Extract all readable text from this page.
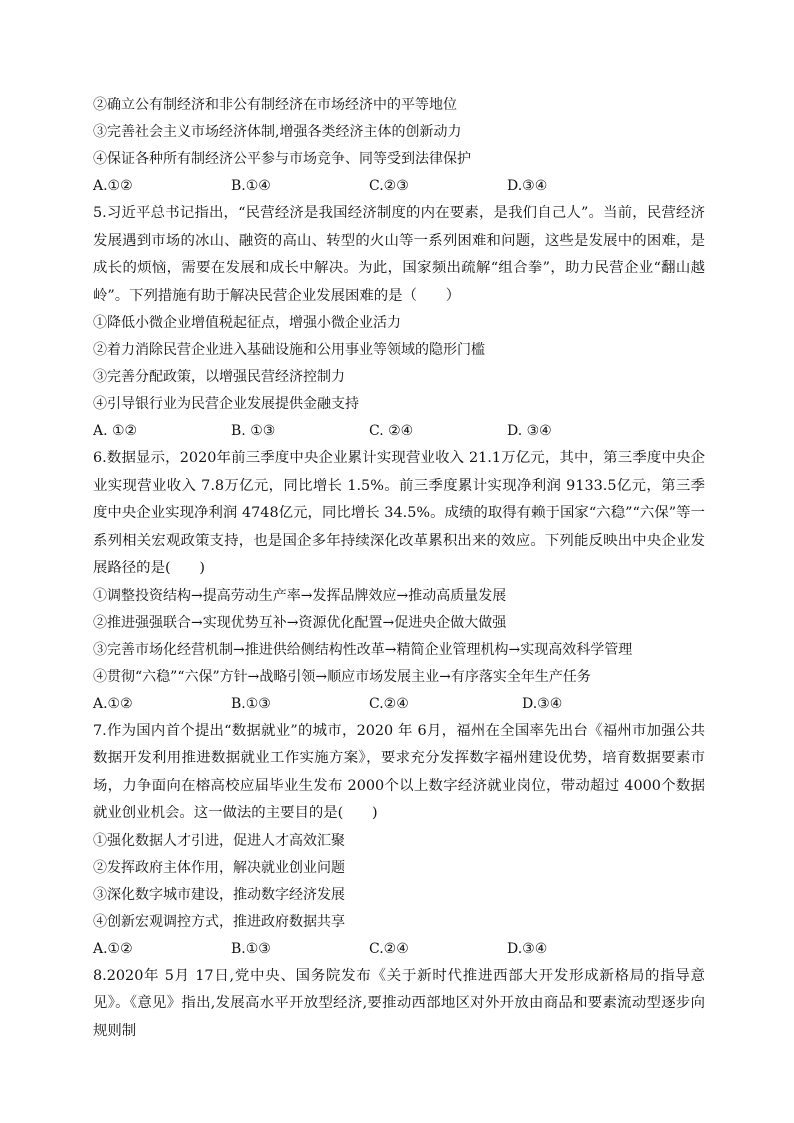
②确立公有制经济和非公有制经济在市场经济中的平等地位
③完善社会主义市场经济体制,增强各类经济主体的创新动力
④保证各种所有制经济公平参与市场竞争、同等受到法律保护
A.①②	B.①④	C.②③	D.③④
5.习近平总书记指出，“民营经济是我国经济制度的内在要素，是我们自己人”。当前，民营经济发展遇到市场的冰山、融资的高山、转型的火山等一系列困难和问题，这些是发展中的困难，是成长的烦恼，需要在发展和成长中解决。为此，国家频出疏解“组合拳”，助力民营企业“翻山越岭”。下列措施有助于解决民营企业发展困难的是（　　）
①降低小微企业增值税起征点，增强小微企业活力
②着力消除民营企业进入基础设施和公用事业等领域的隐形门槛
③完善分配政策，以增强民营经济控制力
④引导银行业为民营企业发展提供金融支持
A. ①②	B. ①③	C. ②④	D. ③④
6.数据显示，2020年前三季度中央企业累计实现营业收入 21.1万亿元，其中，第三季度中央企业实现营业收入 7.8万亿元，同比增长 1.5%。前三季度累计实现净利润 9133.5亿元，第三季度中央企业实现净利润 4748亿元，同比增长 34.5%。成绩的取得有赖于国家“六稳”“六保”等一系列相关宏观政策支持，也是国企多年持续深化改革累积出来的效应。下列能反映出中央企业发展路径的是(　　)
①调整投资结构→提高劳动生产率→发挥品牌效应→推动高质量发展
②推进强强联合→实现优势互补→资源优化配置→促进央企做大做强
③完善市场化经营机制→推进供给侧结构性改革→精简企业管理机构→实现高效科学管理
④贯彻“六稳”“六保”方针→战略引领→顺应市场发展主业→有序落实全年生产任务
A.①②	B.①③	C.②④	D.③④
7.作为国内首个提出“数据就业”的城市，2020 年 6月，福州在全国率先出台《福州市加强公共数据开发利用推进数据就业工作实施方案》，要求充分发挥数字福州建设优势，培育数据要素市场，力争面向在榕高校应届毕业生发布 2000个以上数字经济就业岗位，带动超过 4000个数据就业创业机会。这一做法的主要目的是(　　)
①强化数据人才引进，促进人才高效汇聚
②发挥政府主体作用，解决就业创业问题
③深化数字城市建设，推动数字经济发展
④创新宏观调控方式，推进政府数据共享
A.①②	B.①③	C.②④	D.③④
8.2020年 5月 17日,党中央、国务院发布《关于新时代推进西部大开发形成新格局的指导意见》。《意见》指出,发展高水平开放型经济,要推动西部地区对外开放由商品和要素流动型逐步向规则制
